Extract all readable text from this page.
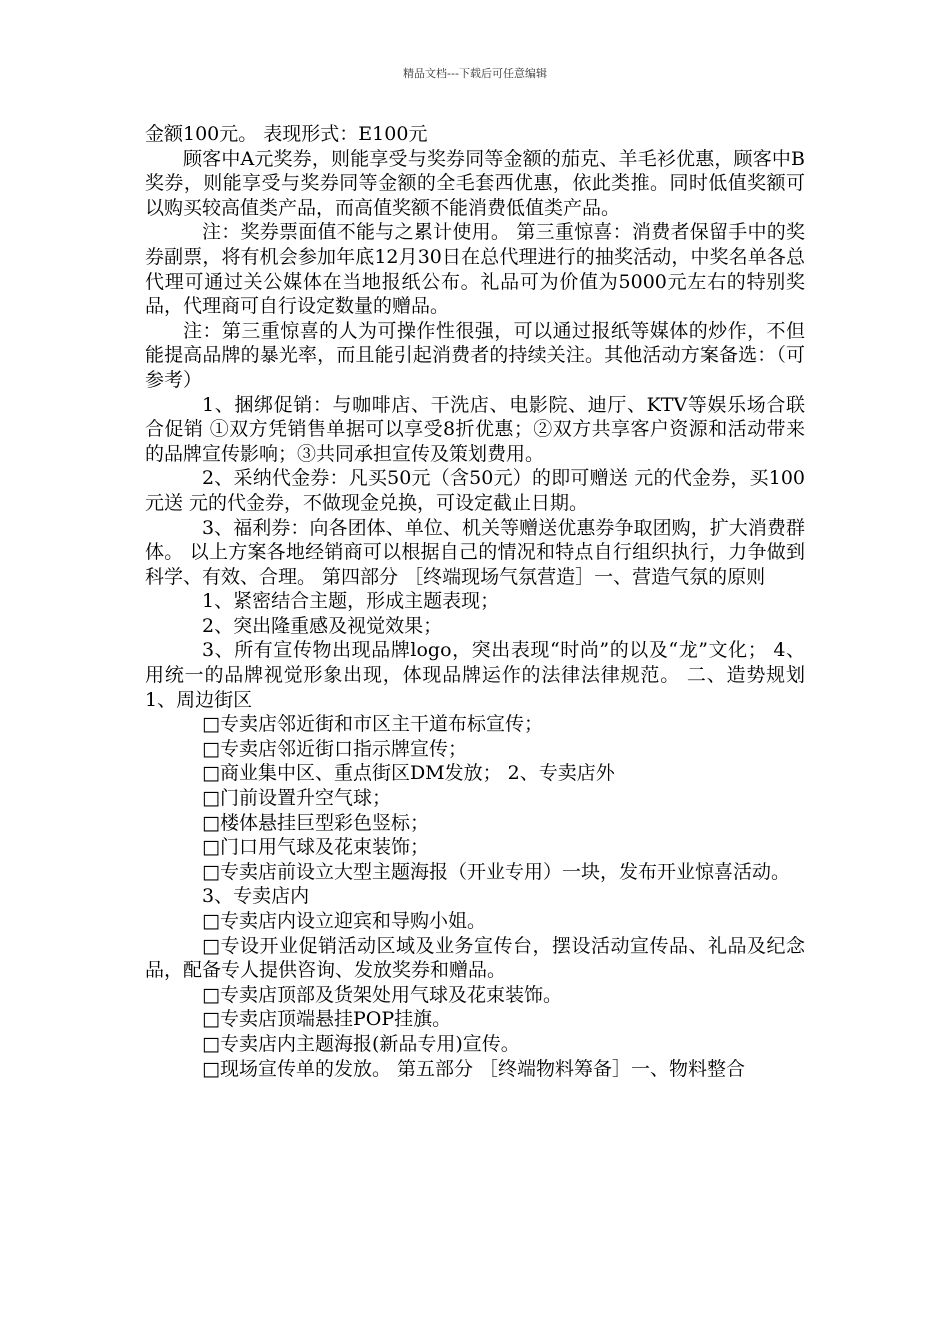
精品文档---下载后可任意编辑

金额100元。 表现形式：E100元

顾客中A元奖券，则能享受与奖券同等金额的茄克、羊毛衫优惠，顾客中B奖券，则能享受与奖券同等金额的全毛套西优惠，依此类推。同时低值奖额可以购买较高值类产品，而高值奖额不能消费低值类产品。

注：奖券票面值不能与之累计使用。 第三重惊喜：消费者保留手中的奖券副票，将有机会参加年底12月30日在总代理进行的抽奖活动，中奖名单各总代理可通过关公媒体在当地报纸公布。礼品可为价值为5000元左右的特别奖品，代理商可自行设定数量的赠品。

注：第三重惊喜的人为可操作性很强，可以通过报纸等媒体的炒作，不但能提高品牌的暴光率，而且能引起消费者的持续关注。其他活动方案备选：（可参考）

1、捆绑促销：与咖啡店、干洗店、电影院、迪厅、KTV等娱乐场合联合促销 ①双方凭销售单据可以享受8折优惠；②双方共享客户资源和活动带来的品牌宣传影响；③共同承担宣传及策划费用。

2、采纳代金券：凡买50元（含50元）的即可赠送 元的代金券，买100元送 元的代金券，不做现金兑换，可设定截止日期。

3、福利券：向各团体、单位、机关等赠送优惠券争取团购，扩大消费群体。 以上方案各地经销商可以根据自己的情况和特点自行组织执行，力争做到科学、有效、合理。 第四部分 ［终端现场气氛营造］一、营造气氛的原则

1、紧密结合主题，形成主题表现；

2、突出隆重感及视觉效果；

3、所有宣传物出现品牌logo，突出表现“时尚”的以及“龙”文化； 4、用统一的品牌视觉形象出现，体现品牌运作的法律法律规范。 二、造势规划 1、周边街区

□专卖店邻近街和市区主干道布标宣传；

□专卖店邻近街口指示牌宣传；

□商业集中区、重点街区DM发放； 2、专卖店外

□门前设置升空气球；

□楼体悬挂巨型彩色竖标；

□门口用气球及花束装饰；

□专卖店前设立大型主题海报（开业专用）一块，发布开业惊喜活动。

3、专卖店内

□专卖店内设立迎宾和导购小姐。

□专设开业促销活动区域及业务宣传台，摆设活动宣传品、礼品及纪念品，配备专人提供咨询、发放奖券和赠品。

□专卖店顶部及货架处用气球及花束装饰。

□专卖店顶端悬挂POP挂旗。

□专卖店内主题海报(新品专用)宣传。

□现场宣传单的发放。 第五部分 ［终端物料筹备］一、物料整合
